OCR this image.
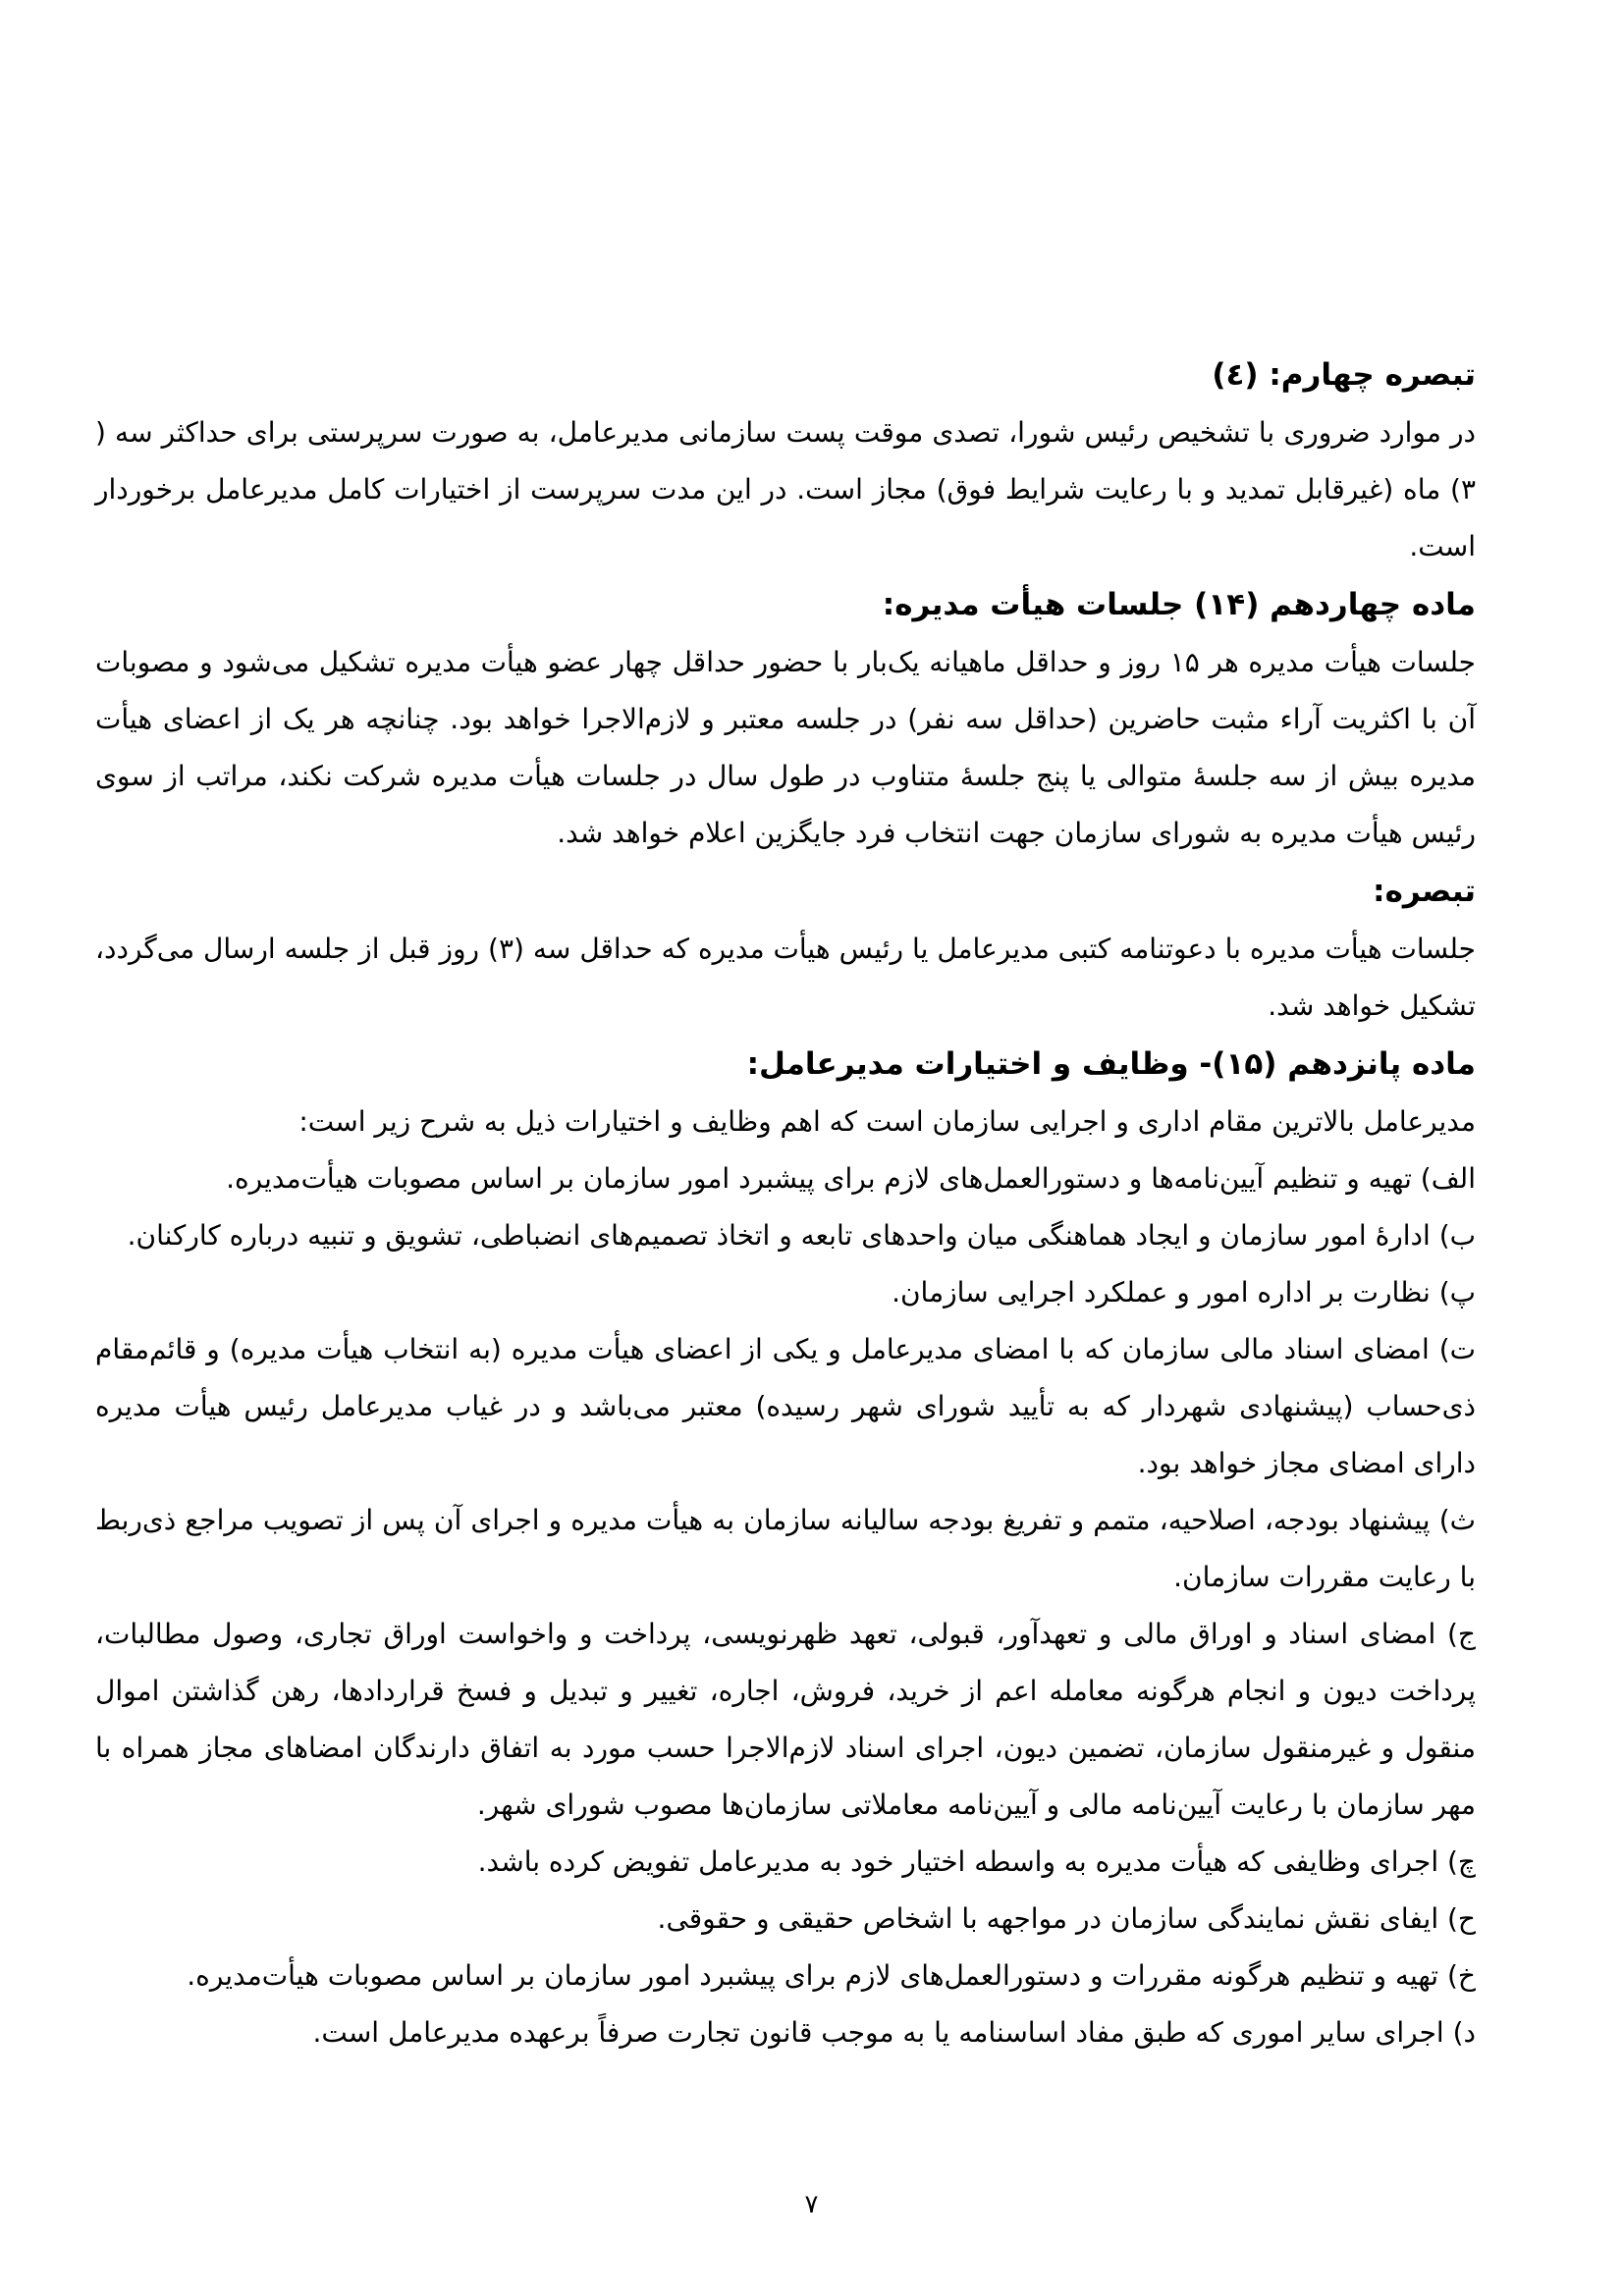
تبصره چهارم: (٤)

در موارد ضروری با تشخیص رئیس شورا، تصدی موقت پست سازمانی مدیرعامل، به صورت سرپرستی برای حداکثر سه ( ۳) ماه (غیرقابل تمدید و با رعایت شرایط فوق) مجاز است. در این مدت سرپرست از اختیارات کامل مدیرعامل برخوردار است.

ماده چهاردهم (۱۴) جلسات هیأت مدیره:

جلسات هیأت مدیره هر ۱۵ روز و حداقل ماهیانه یک‌بار با حضور حداقل چهار عضو هیأت مدیره تشکیل می‌شود و مصوبات آن با اکثریت آراء مثبت حاضرین (حداقل سه نفر) در جلسه معتبر و لازم‌الاجرا خواهد بود. چنانچه هر یک از اعضای هیأت مدیره بیش از سه جلسۀ متوالی یا پنج جلسۀ متناوب در طول سال در جلسات هیأت مدیره شرکت نکند، مراتب از سوی رئیس هیأت مدیره به شورای سازمان جهت انتخاب فرد جایگزین اعلام خواهد شد.

تبصره:

جلسات هیأت مدیره با دعوتنامه کتبی مدیرعامل یا رئیس هیأت مدیره که حداقل سه (۳) روز قبل از جلسه ارسال می‌گردد، تشکیل خواهد شد.

ماده پانزدهم (۱۵)- وظایف و اختیارات مدیرعامل:

مدیرعامل بالاترین مقام اداری و اجرایی سازمان است که اهم وظایف و اختیارات ذیل به شرح زیر است:

الف) تهیه و تنظیم آیین‌نامه‌ها و دستورالعمل‌های لازم برای پیشبرد امور سازمان بر اساس مصوبات هیأت‌مدیره.

ب) ادارۀ امور سازمان و ایجاد هماهنگی میان واحدهای تابعه و اتخاذ تصمیم‌های انضباطی، تشویق و تنبیه درباره کارکنان.

پ) نظارت بر اداره امور و عملکرد اجرایی سازمان.

ت) امضای اسناد مالی سازمان که با امضای مدیرعامل و یکی از اعضای هیأت مدیره (به انتخاب هیأت مدیره) و قائم‌مقام ذی‌حساب (پیشنهادی شهردار که به تأیید شورای شهر رسیده) معتبر می‌باشد و در غیاب مدیرعامل رئیس هیأت مدیره دارای امضای مجاز خواهد بود.

ث) پیشنهاد بودجه، اصلاحیه، متمم و تفریغ بودجه سالیانه سازمان به هیأت مدیره و اجرای آن پس از تصویب مراجع ذی‌ربط با رعایت مقررات سازمان.

ج) امضای اسناد و اوراق مالی و تعهدآور، قبولی، تعهد ظهرنویسی، پرداخت و واخواست اوراق تجاری، وصول مطالبات، پرداخت دیون و انجام هرگونه معامله اعم از خرید، فروش، اجاره، تغییر و تبدیل و فسخ قراردادها، رهن گذاشتن اموال منقول و غیرمنقول سازمان، تضمین دیون، اجرای اسناد لازم‌الاجرا حسب مورد به اتفاق دارندگان امضاهای مجاز همراه با مهر سازمان با رعایت آیین‌نامه مالی و آیین‌نامه معاملاتی سازمان‌ها مصوب شورای شهر.

چ) اجرای وظایفی که هیأت مدیره به واسطه اختیار خود به مدیرعامل تفویض کرده باشد.

ح) ایفای نقش نمایندگی سازمان در مواجهه با اشخاص حقیقی و حقوقی.

خ) تهیه و تنظیم هرگونه مقررات و دستورالعمل‌های لازم برای پیشبرد امور سازمان بر اساس مصوبات هیأت‌مدیره.

د) اجرای سایر اموری که طبق مفاد اساسنامه یا به موجب قانون تجارت صرفاً برعهده مدیرعامل است.

۷
